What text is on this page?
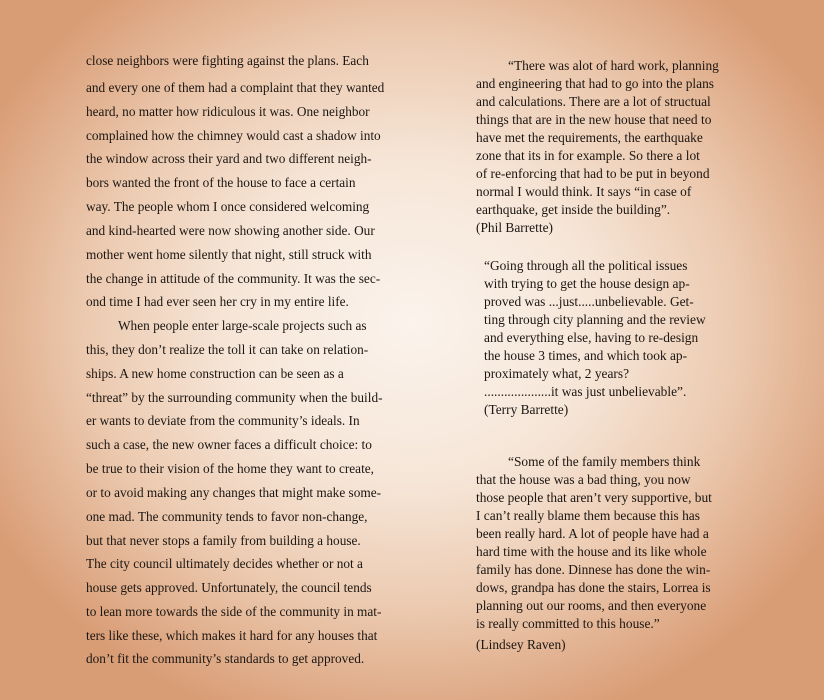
close neighbors were fighting against the plans. Each
and every one of them had a complaint that they wanted
heard, no matter how ridiculous it was. One neighbor
complained how the chimney would cast a shadow into
the window across their yard and two different neigh-
bors wanted the front of the house to face a certain
way. The people whom I once considered welcoming
and kind-hearted were now showing another side. Our
mother went home silently that night, still struck with
the change in attitude of the community. It was the sec-
ond time I had ever seen her cry in my entire life.
When people enter large-scale projects such as
this, they don’t realize the toll it can take on relation-
ships. A new home construction can be seen as a
“threat” by the surrounding community when the build-
er wants to deviate from the community’s ideals. In
such a case, the new owner faces a difficult choice: to
be true to their vision of the home they want to create,
or to avoid making any changes that might make some-
one mad. The community tends to favor non-change,
but that never stops a family from building a house.
The city council ultimately decides whether or not a
house gets approved. Unfortunately, the council tends
to lean more towards the side of the community in mat-
ters like these, which makes it hard for any houses that
don’t fit the community’s standards to get approved.
“There was alot of hard work, planning
and engineering that had to go into the plans
and calculations. There are a lot of structual
things that are in the new house that need to
have met the requirements, the earthquake
zone that its in for example. So there a lot
of re-enforcing that had to be put in beyond
normal I would think. It says “in case of
earthquake, get inside the building”.
(Phil Barrette)
“Going through all the political issues
with trying to get the house design ap-
proved was ...just.....unbelievable. Get-
ting through city planning and the review
and everything else, having to re-design
the house 3 times, and which took ap-
proximately what, 2 years?
....................it was just unbelievable”.
(Terry Barrette)
“Some of the family members think
that the house was a bad thing, you now
those people that aren’t very supportive, but
I can’t really blame them because this has
been really hard. A lot of people have had a
hard time with the house and its like whole
family has done. Dinnese has done the win-
dows, grandpa has done the stairs, Lorrea is
planning out our rooms, and then everyone
is really committed to this house.”
(Lindsey Raven)
